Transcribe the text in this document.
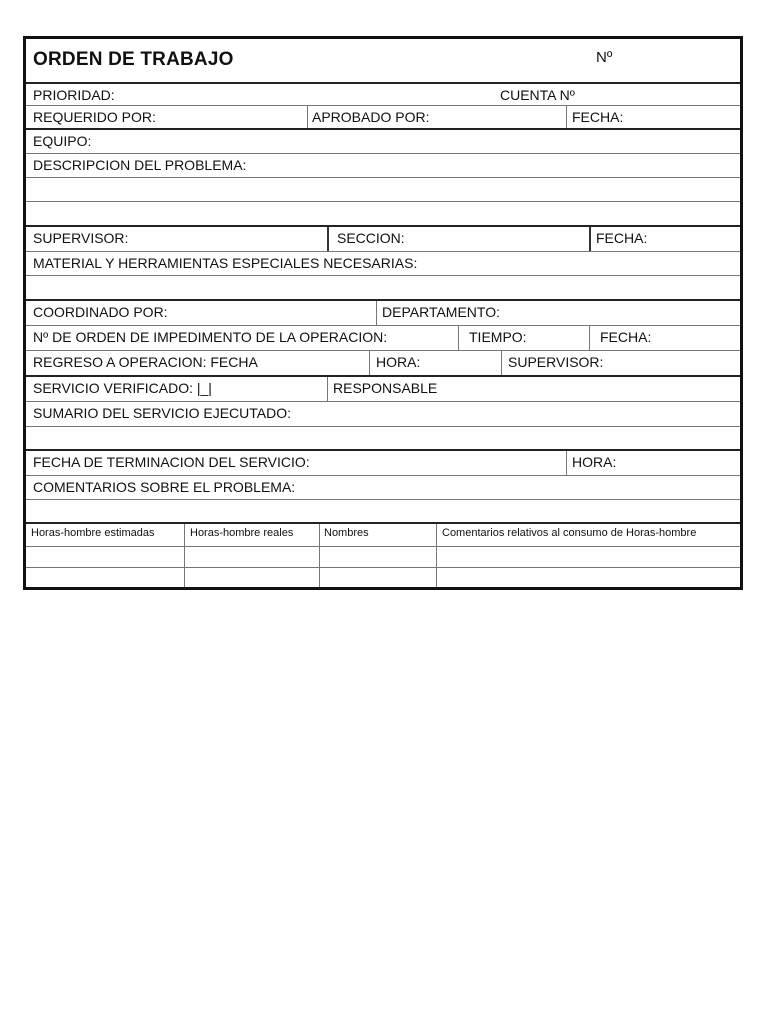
ORDEN DE TRABAJO	Nº
PRIORIDAD:	CUENTA Nº
REQUERIDO POR:	APROBADO POR:	FECHA:
EQUIPO:
DESCRIPCION DEL PROBLEMA:
SUPERVISOR:	SECCION:	FECHA:
MATERIAL Y HERRAMIENTAS ESPECIALES NECESARIAS:
COORDINADO POR:	DEPARTAMENTO:
Nº DE ORDEN DE IMPEDIMENTO DE LA OPERACION:	TIEMPO:	FECHA:
REGRESO A OPERACION: FECHA	HORA:	SUPERVISOR:
SERVICIO VERIFICADO: |_|	RESPONSABLE
SUMARIO DEL SERVICIO EJECUTADO:
FECHA DE TERMINACION DEL SERVICIO:	HORA:
COMENTARIOS SOBRE EL PROBLEMA:
Horas-hombre estimadas	Horas-hombre reales	Nombres	Comentarios relativos al consumo de Horas-hombre
